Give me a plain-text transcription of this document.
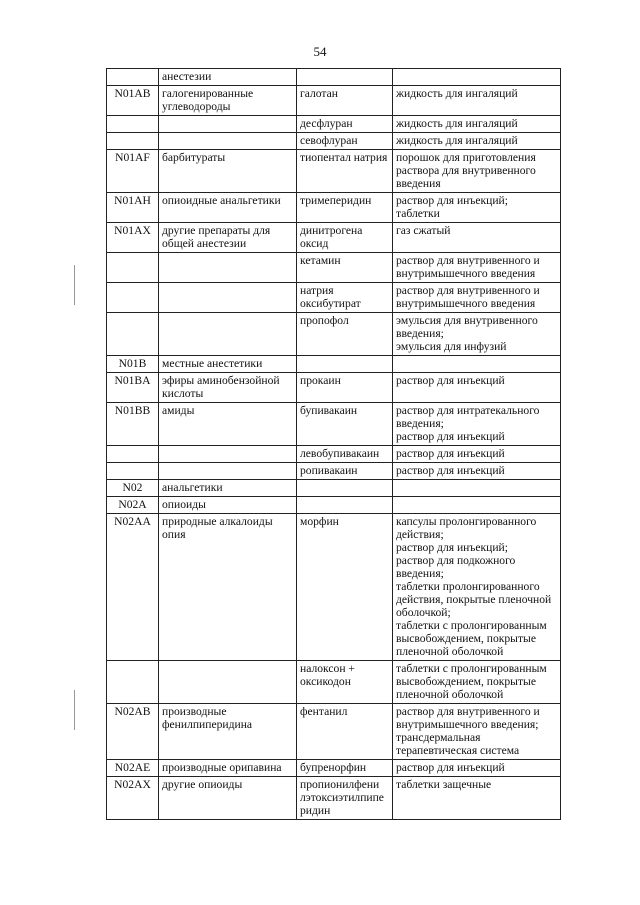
54
	анестезии		
N01AB	галогенированные углеводороды	галотан	жидкость для ингаляций
		десфлуран	жидкость для ингаляций
		севофлуран	жидкость для ингаляций
N01AF	барбитураты	тиопентал натрия	порошок для приготовления раствора для внутривенного введения
N01AH	опиоидные анальгетики	тримеперидин	раствор для инъекций;
таблетки
N01AX	другие препараты для общей анестезии	динитрогена оксид	газ сжатый
		кетамин	раствор для внутривенного и внутримышечного введения
		натрия оксибутират	раствор для внутривенного и внутримышечного введения
		пропофол	эмульсия для внутривенного введения;
эмульсия для инфузий
N01B	местные анестетики		
N01BA	эфиры аминобензойной кислоты	прокаин	раствор для инъекций
N01BB	амиды	бупивакаин	раствор для интратекального введения;
раствор для инъекций
		левобупивакаин	раствор для инъекций
		ропивакаин	раствор для инъекций
N02	анальгетики		
N02A	опиоиды		
N02AA	природные алкалоиды опия	морфин	капсулы пролонгированного действия;
раствор для инъекций;
раствор для подкожного введения;
таблетки пролонгированного действия, покрытые пленочной оболочкой;
таблетки с пролонгированным высвобождением, покрытые пленочной оболочкой
		налоксон + оксикодон	таблетки с пролонгированным высвобождением, покрытые пленочной оболочкой
N02AB	производные фенилпиперидина	фентанил	раствор для внутривенного и внутримышечного введения;
трансдермальная терапевтическая система
N02AE	производные орипавина	бупренорфин	раствор для инъекций
N02AX	другие опиоиды	пропионилфени лэтоксиэтилпипе ридин	таблетки защечные
